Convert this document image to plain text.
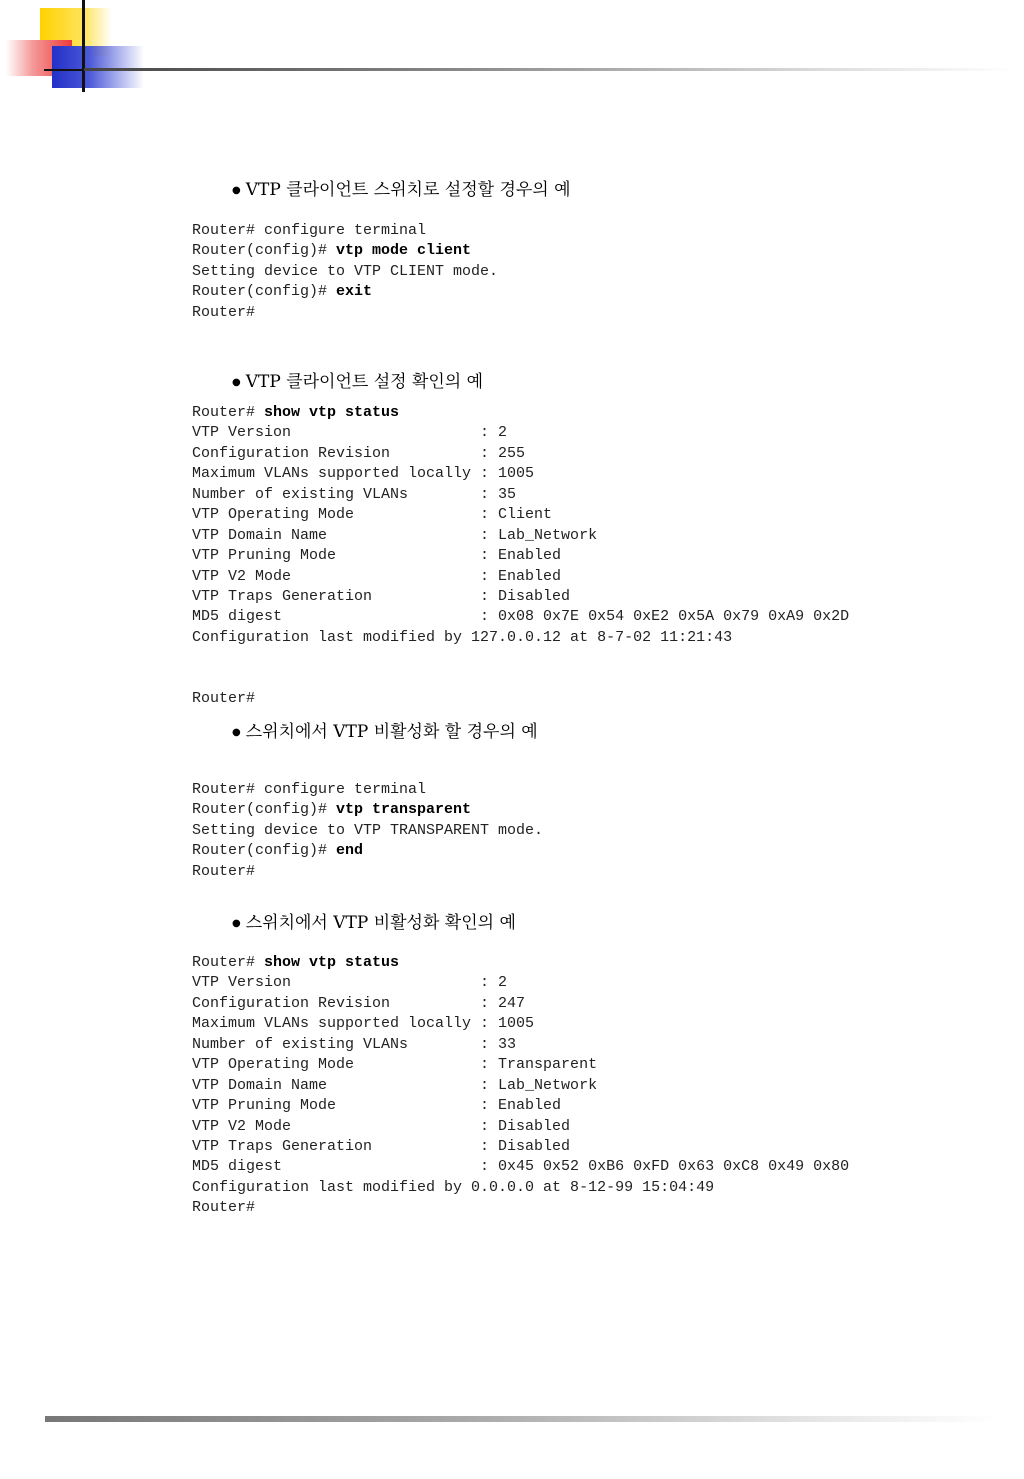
● VTP 클라이언트 스위치로 설정할 경우의 예
Router# configure terminal
Router(config)# vtp mode client
Setting device to VTP CLIENT mode.
Router(config)# exit
Router#
● VTP 클라이언트 설정 확인의 예
Router# show vtp status
VTP Version                     : 2
Configuration Revision          : 255
Maximum VLANs supported locally : 1005
Number of existing VLANs        : 35
VTP Operating Mode              : Client
VTP Domain Name                 : Lab_Network
VTP Pruning Mode                : Enabled
VTP V2 Mode                     : Enabled
VTP Traps Generation            : Disabled
MD5 digest                      : 0x08 0x7E 0x54 0xE2 0x5A 0x79 0xA9 0x2D
Configuration last modified by 127.0.0.12 at 8-7-02 11:21:43
Router#
● 스위치에서 VTP 비활성화 할 경우의 예
Router# configure terminal
Router(config)# vtp transparent
Setting device to VTP TRANSPARENT mode.
Router(config)# end
Router#
● 스위치에서 VTP 비활성화 확인의 예
Router# show vtp status
VTP Version                     : 2
Configuration Revision          : 247
Maximum VLANs supported locally : 1005
Number of existing VLANs        : 33
VTP Operating Mode              : Transparent
VTP Domain Name                 : Lab_Network
VTP Pruning Mode                : Enabled
VTP V2 Mode                     : Disabled
VTP Traps Generation            : Disabled
MD5 digest                      : 0x45 0x52 0xB6 0xFD 0x63 0xC8 0x49 0x80
Configuration last modified by 0.0.0.0 at 8-12-99 15:04:49
Router#
